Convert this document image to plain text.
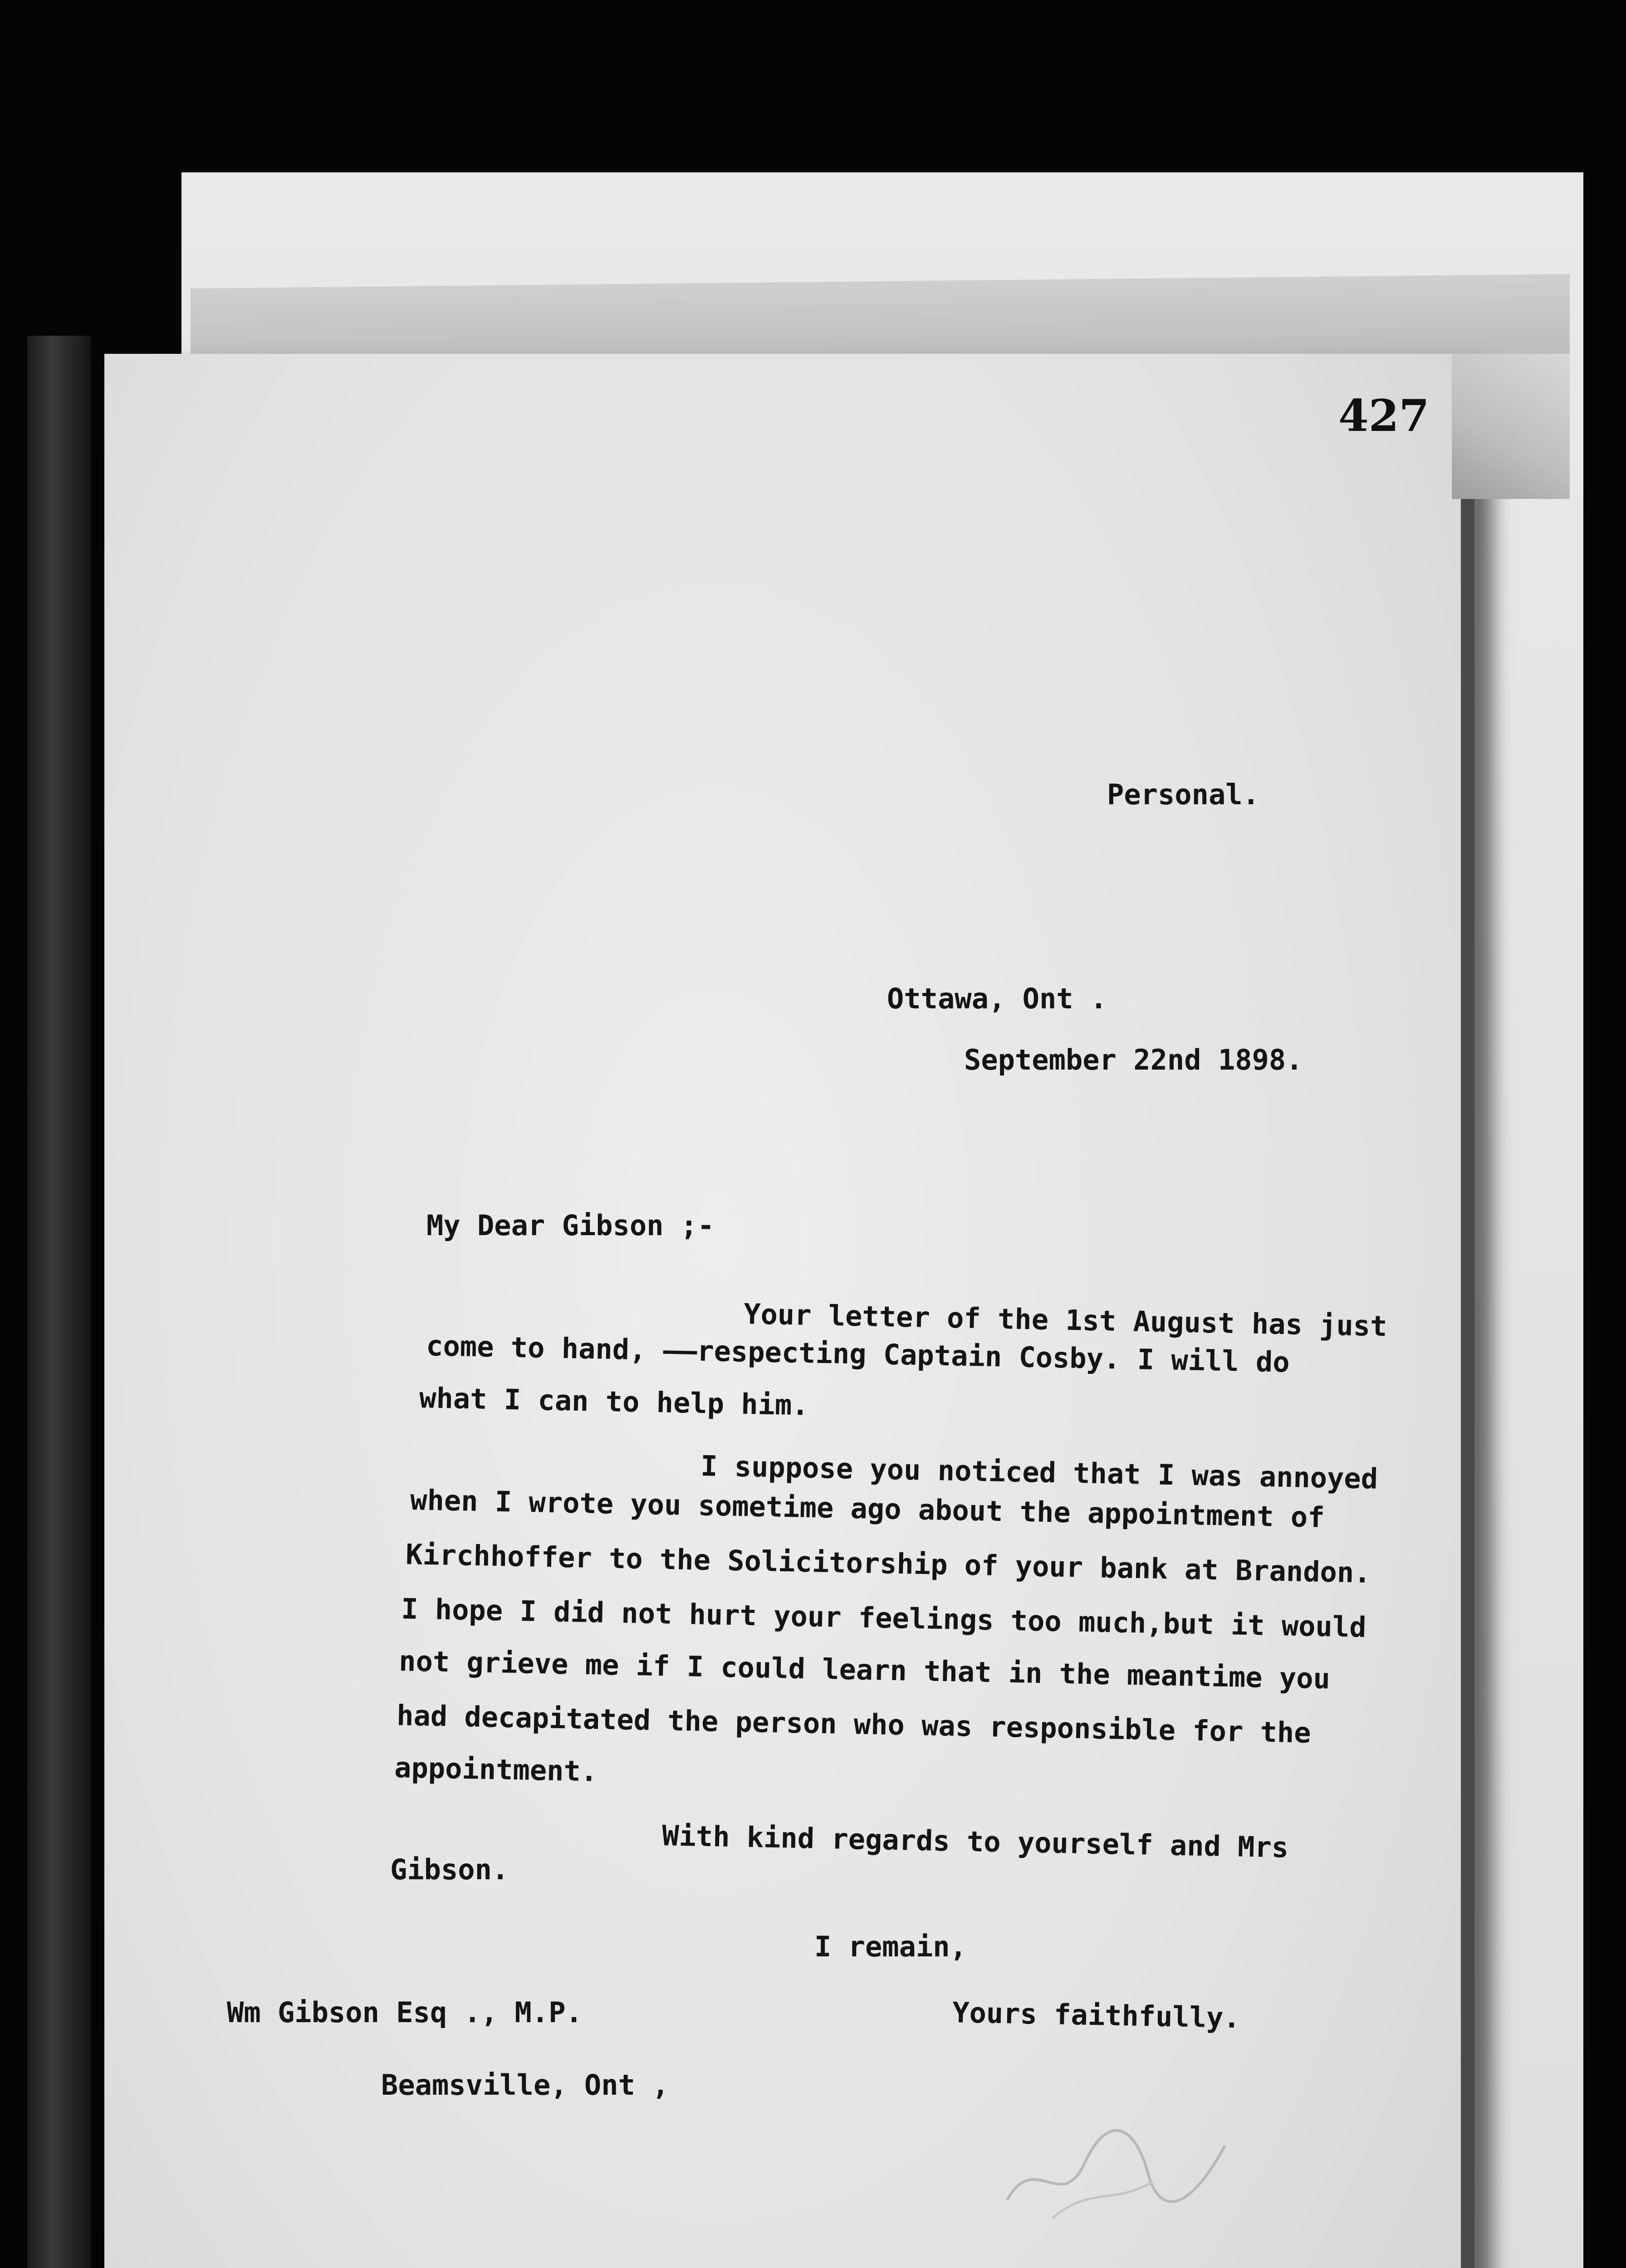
427
Personal.
Ottawa, Ont .
September 22nd 1898.
My Dear Gibson ;-
Your letter of the 1st August has just
come to hand, ——respecting Captain Cosby. I will do
what I can to help him.
I suppose you noticed that I was annoyed
when I wrote you sometime ago about the appointment of
Kirchhoffer to the Solicitorship of your bank at Brandon.
I hope I did not hurt your feelings too much,but it would
not grieve me if I could learn that in the meantime you
had decapitated the person who was responsible for the
appointment.
With kind regards to yourself and Mrs
Gibson.
I remain,
Yours faithfully.
Wm Gibson Esq ., M.P.
Beamsville, Ont ,
